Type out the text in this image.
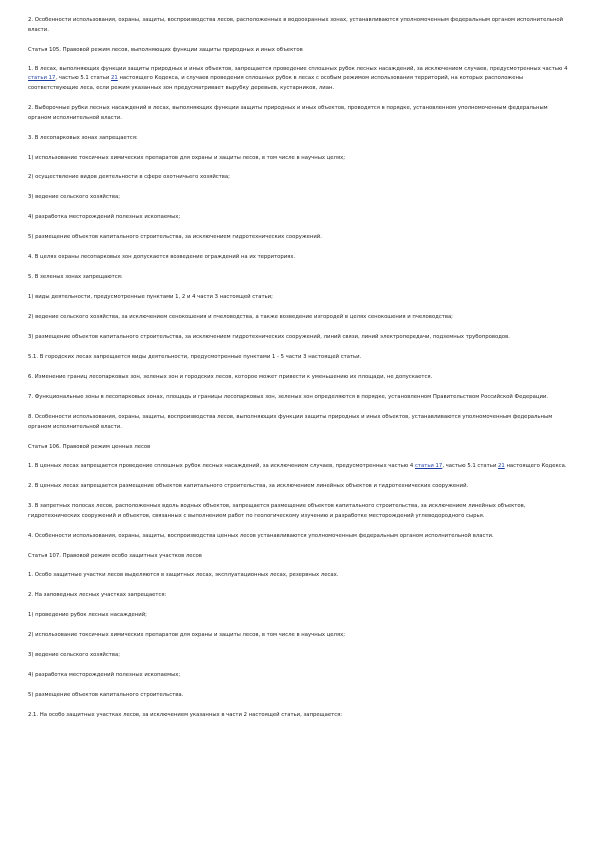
2. Особенности использования, охраны, защиты, воспроизводства лесов, расположенных в водоохранных зонах, устанавливаются уполномоченным федеральным органом исполнительной власти.

Статья 105. Правовой режим лесов, выполняющих функции защиты природных и иных объектов

1. В лесах, выполняющих функции защиты природных и иных объектов, запрещается проведение сплошных рубок лесных насаждений, за исключением случаев, предусмотренных частью 4 статьи 17, частью 5.1 статьи 21 настоящего Кодекса, и случаев проведения сплошных рубок в лесах с особым режимом использования территорий, на которых расположены соответствующие леса, если режим указанных зон предусматривает вырубку деревьев, кустарников, лиан.

2. Выборочные рубки лесных насаждений в лесах, выполняющих функции защиты природных и иных объектов, проводятся в порядке, установленном уполномоченным федеральным органом исполнительной власти.

3. В лесопарковых зонах запрещается:

1) использование токсичных химических препаратов для охраны и защиты лесов, в том числе в научных целях;

2) осуществление видов деятельности в сфере охотничьего хозяйства;

3) ведение сельского хозяйства;

4) разработка месторождений полезных ископаемых;

5) размещение объектов капитального строительства, за исключением гидротехнических сооружений.

4. В целях охраны лесопарковых зон допускается возведение ограждений на их территориях.

5. В зеленых зонах запрещаются:

1) виды деятельности, предусмотренные пунктами 1, 2 и 4 части 3 настоящей статьи;

2) ведение сельского хозяйства, за исключением сенокошения и пчеловодства, а также возведение изгородей в целях сенокошения и пчеловодства;

3) размещение объектов капитального строительства, за исключением гидротехнических сооружений, линий связи, линий электропередачи, подземных трубопроводов.

5.1. В городских лесах запрещается виды деятельности, предусмотренные пунктами 1 - 5 части 3 настоящей статьи.

6. Изменение границ лесопарковых зон, зеленых зон и городских лесов, которое может привести к уменьшению их площади, не допускается.

7. Функциональные зоны в лесопарковых зонах, площадь и границы лесопарковых зон, зеленых зон определяются в порядке, установленном Правительством Российской Федерации.

8. Особенности использования, охраны, защиты, воспроизводства лесов, выполняющих функции защиты природных и иных объектов, устанавливаются уполномоченным федеральным органом исполнительной власти.

Статья 106. Правовой режим ценных лесов

1. В ценных лесах запрещается проведение сплошных рубок лесных насаждений, за исключением случаев, предусмотренных частью 4 статьи 17, частью 5.1 статьи 21 настоящего Кодекса.

2. В ценных лесах запрещается размещение объектов капитального строительства, за исключением линейных объектов и гидротехнических сооружений.

3. В запретных полосах лесов, расположенных вдоль водных объектов, запрещается размещение объектов капитального строительства, за исключением линейных объектов, гидротехнических сооружений и объектов, связанных с выполнением работ по геологическому изучению и разработке месторождений углеводородного сырья.

4. Особенности использования, охраны, защиты, воспроизводства ценных лесов устанавливаются уполномоченным федеральным органом исполнительной власти.

Статья 107. Правовой режим особо защитных участков лесов

1. Особо защитные участки лесов выделяются в защитных лесах, эксплуатационных лесах, резервных лесах.

2. На заповедных лесных участках запрещается:

1) проведение рубок лесных насаждений;

2) использование токсичных химических препаратов для охраны и защиты лесов, в том числе в научных целях;

3) ведение сельского хозяйства;

4) разработка месторождений полезных ископаемых;

5) размещение объектов капитального строительства.

2.1. На особо защитных участках лесов, за исключением указанных в части 2 настоящей статьи, запрещается:
